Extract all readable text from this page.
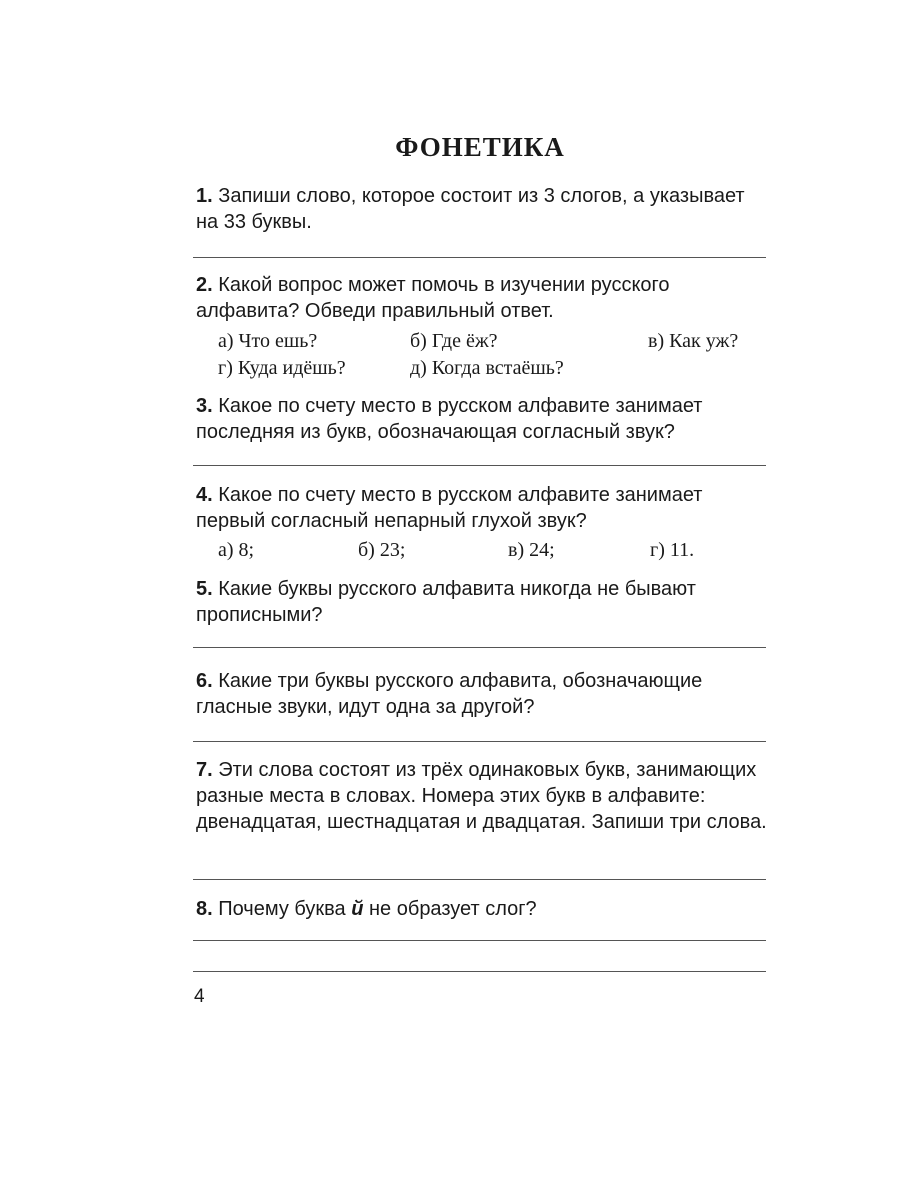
ФОНЕТИКА
1. Запиши слово, которое состоит из 3 слогов, а указывает на 33 буквы.
2. Какой вопрос может помочь в изучении русского алфавита? Обведи правильный ответ.
а) Что ешь?	б) Где ёж?	в) Как уж?
г) Куда идёшь?	д) Когда встаёшь?
3. Какое по счету место в русском алфавите занимает последняя из букв, обозначающая согласный звук?
4. Какое по счету место в русском алфавите занимает первый согласный непарный глухой звук?
а) 8;	б) 23;	в) 24;	г) 11.
5. Какие буквы русского алфавита никогда не бывают прописными?
6. Какие три буквы русского алфавита, обозначающие гласные звуки, идут одна за другой?
7. Эти слова состоят из трёх одинаковых букв, занимающих разные места в словах. Номера этих букв в алфавите: двенадцатая, шестнадцатая и двадцатая. Запиши три слова.
8. Почему буква й не образует слог?
4
